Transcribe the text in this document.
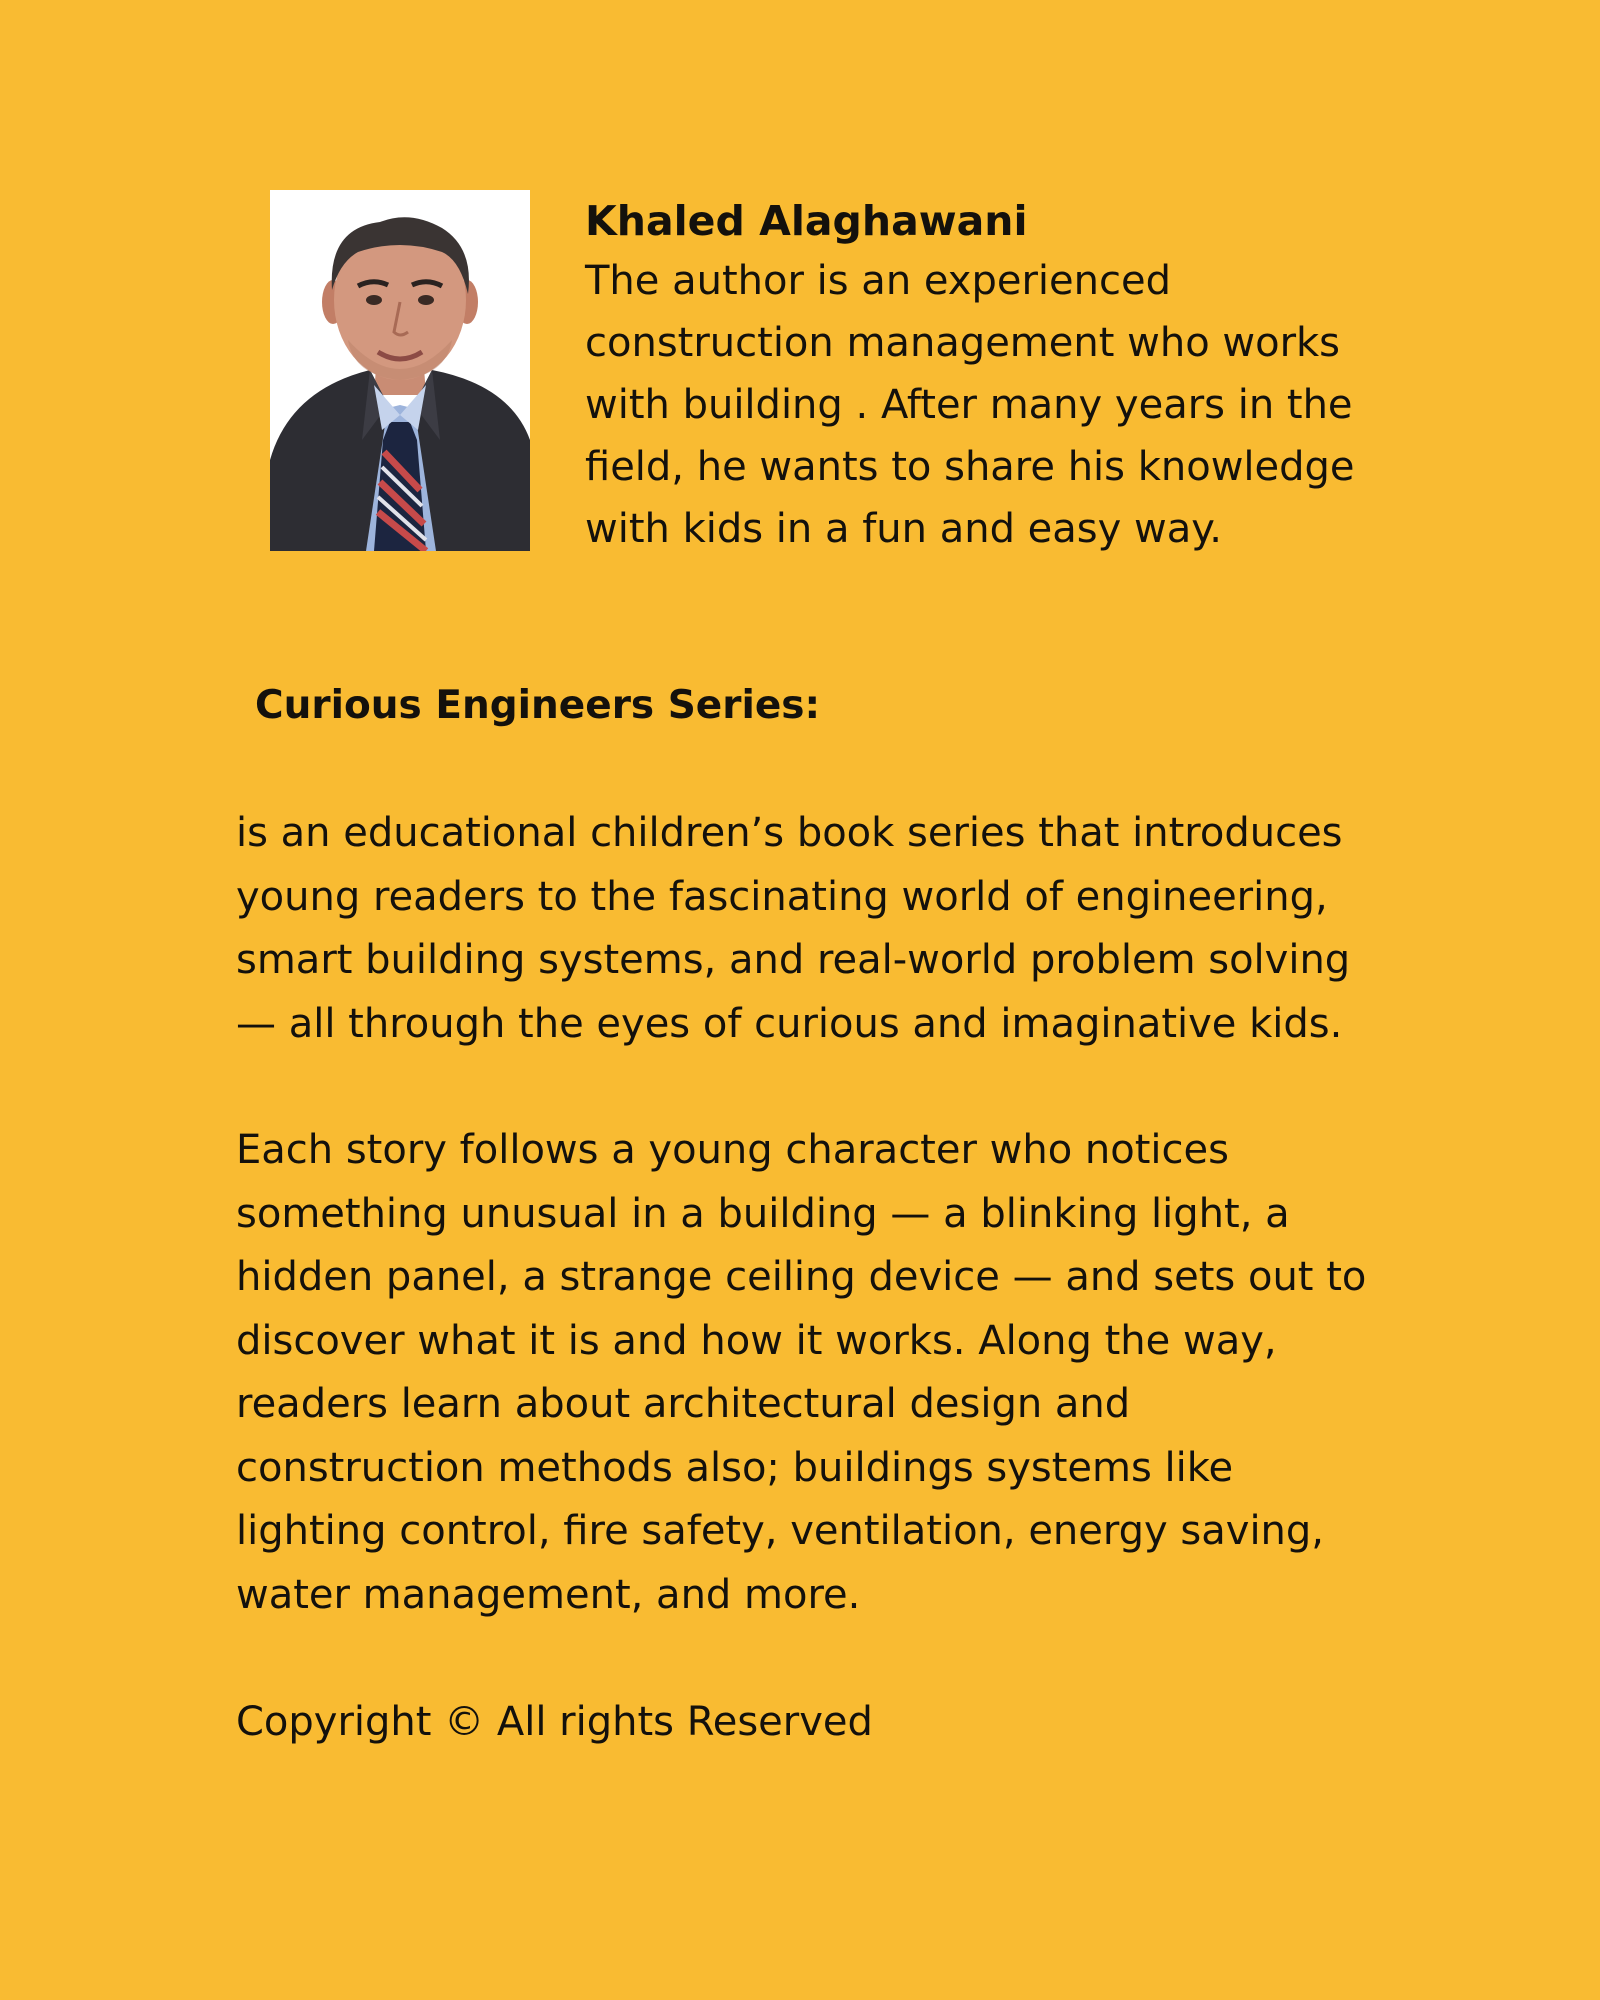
Khaled Alaghawani

The author is an experienced
construction management who works
with building . After many years in the
field, he wants to share his knowledge
with kids in a fun and easy way.

Curious Engineers Series:

is an educational children’s book series that introduces
young readers to the fascinating world of engineering,
smart building systems, and real-world problem solving
— all through the eyes of curious and imaginative kids.

Each story follows a young character who notices
something unusual in a building — a blinking light, a
hidden panel, a strange ceiling device — and sets out to
discover what it is and how it works. Along the way,
readers learn about architectural design and
construction methods also; buildings systems like
lighting control, fire safety, ventilation, energy saving,
water management, and more.

Copyright © All rights Reserved
